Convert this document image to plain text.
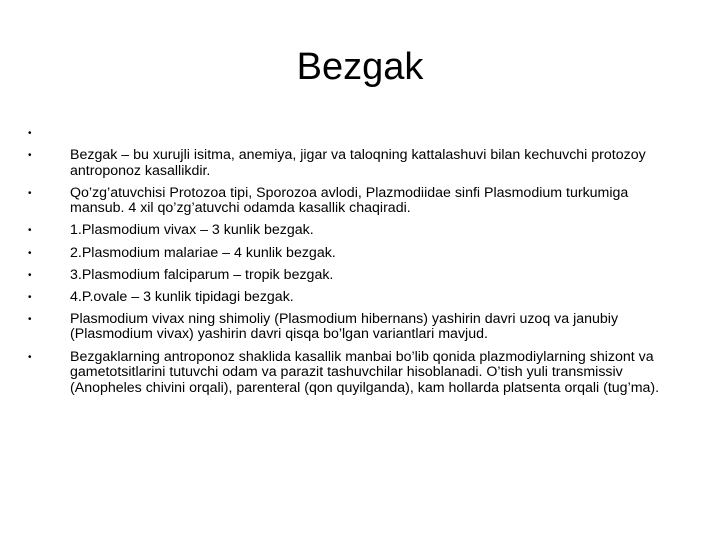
Bezgak
•
•	Bezgak – bu xurujli isitma, anemiya, jigar va taloqning kattalashuvi bilan kechuvchi protozoy antroponoz kasallikdir.
•	Qo’zg’atuvchisi Protozoa tipi, Sporozoa avlodi, Plazmodiidae sinfi Plasmodium turkumiga mansub. 4 xil qo’zg’atuvchi odamda kasallik chaqiradi.
•	1.Plasmodium vivax – 3 kunlik bezgak.
•	2.Plasmodium malariae – 4 kunlik bezgak.
•	3.Plasmodium falciparum – tropik bezgak.
•	4.P.ovale – 3 kunlik tipidagi bezgak.
•	Plasmodium vivax ning shimoliy (Plasmodium hibernans) yashirin davri uzoq va janubiy (Plasmodium vivax) yashirin davri qisqa bo’lgan variantlari mavjud.
•	Bezgaklarning antroponoz shaklida kasallik manbai bo’lib qonida plazmodiylarning shizont va gametotsitlarini tutuvchi odam va parazit tashuvchilar hisoblanadi. O’tish yuli transmissiv (Anopheles chivini orqali), parenteral (qon quyilganda), kam hollarda platsenta orqali (tug’ma).
